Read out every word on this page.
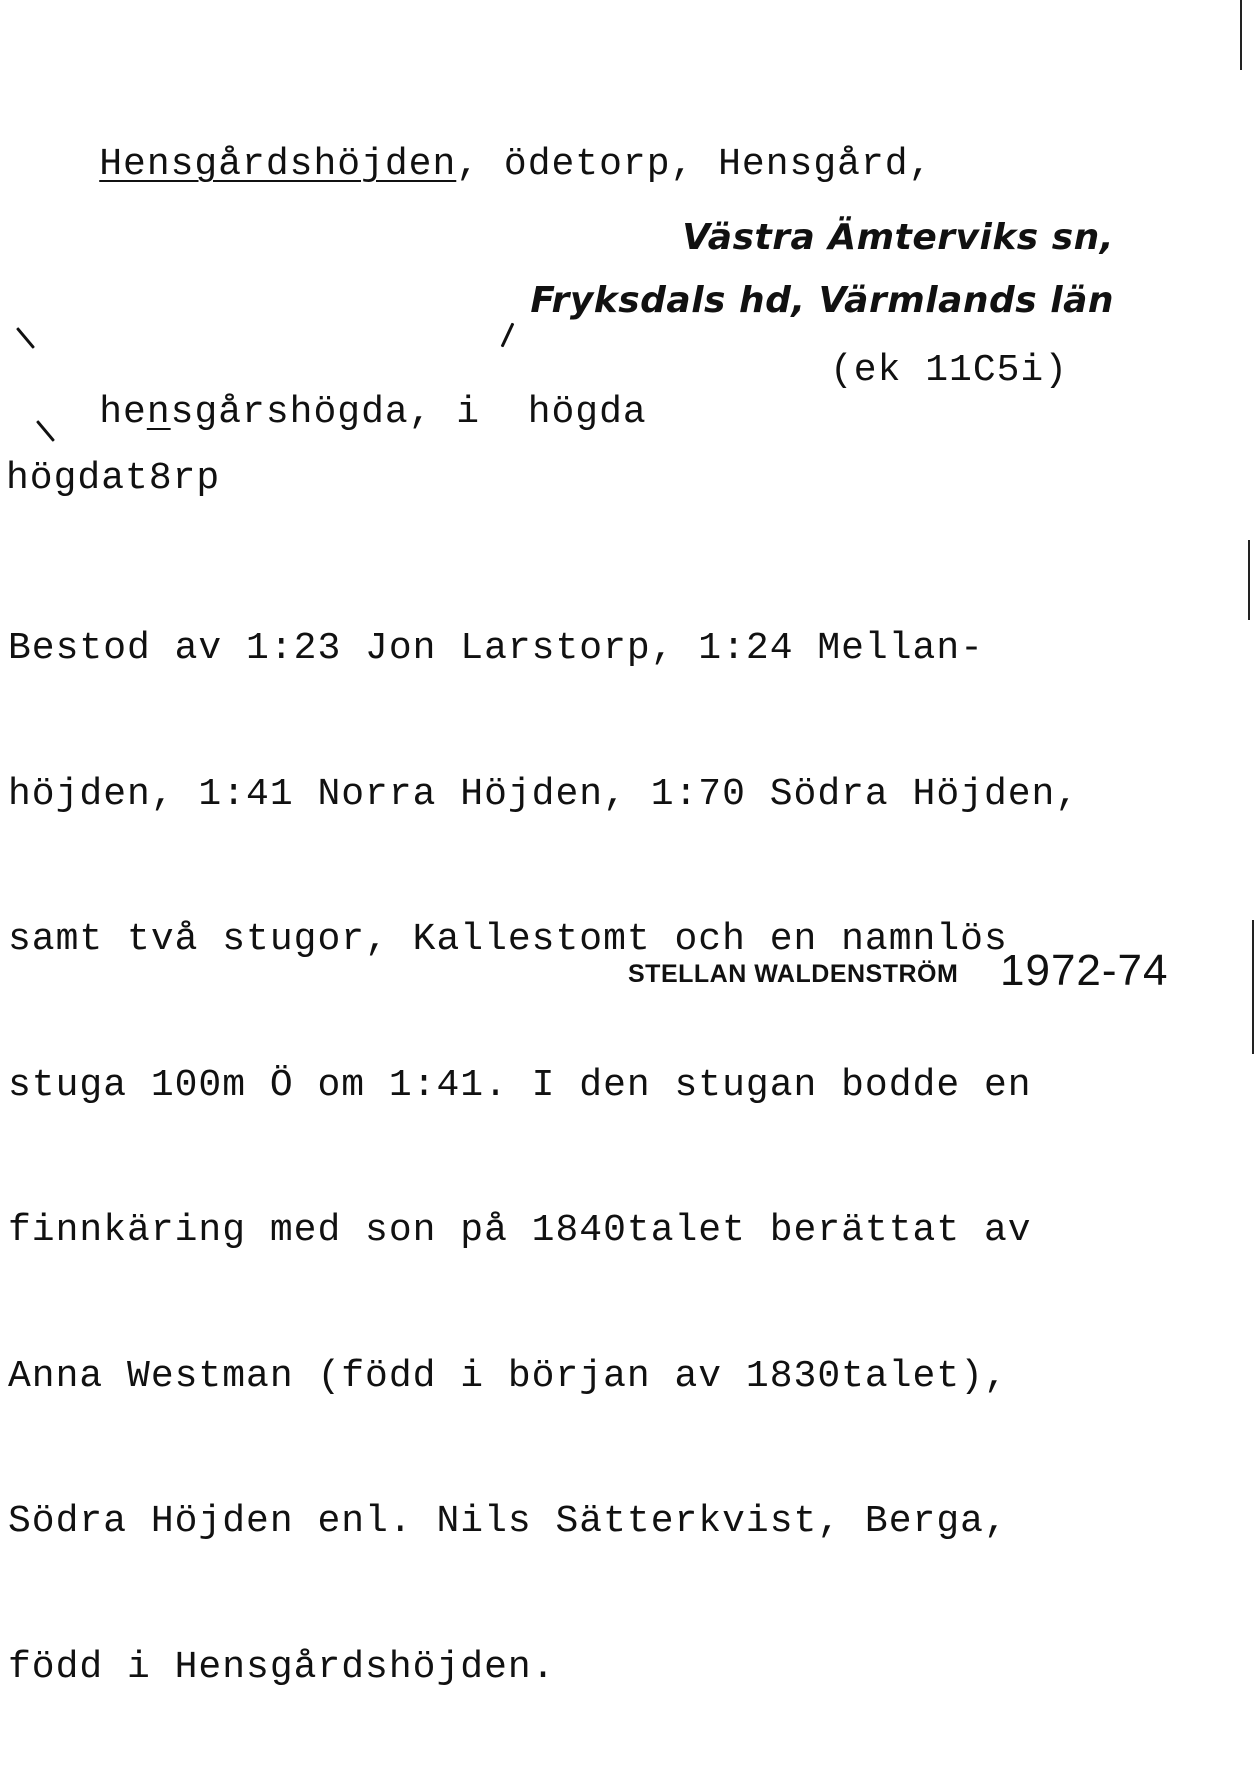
Hensgårdshöjden, ödetorp, Hensgård,

Västra Ämterviks sn,
Fryksdals hd, Värmlands län

hensgårshögda, i  högda

(ek 11C5i)
högdat8rp

Bestod av 1:23 Jon Larstorp, 1:24 Mellan-

höjden, 1:41 Norra Höjden, 1:70 Södra Höjden,

samt två stugor, Kallestomt och en namnlös

stuga 100m Ö om 1:41. I den stugan bodde en

finnkäring med son på 1840talet berättat av

Anna Westman (född i början av 1830talet),

Södra Höjden enl. Nils Sätterkvist, Berga,

född i Hensgårdshöjden.

STELLAN WALDENSTRÖM 1972-74
